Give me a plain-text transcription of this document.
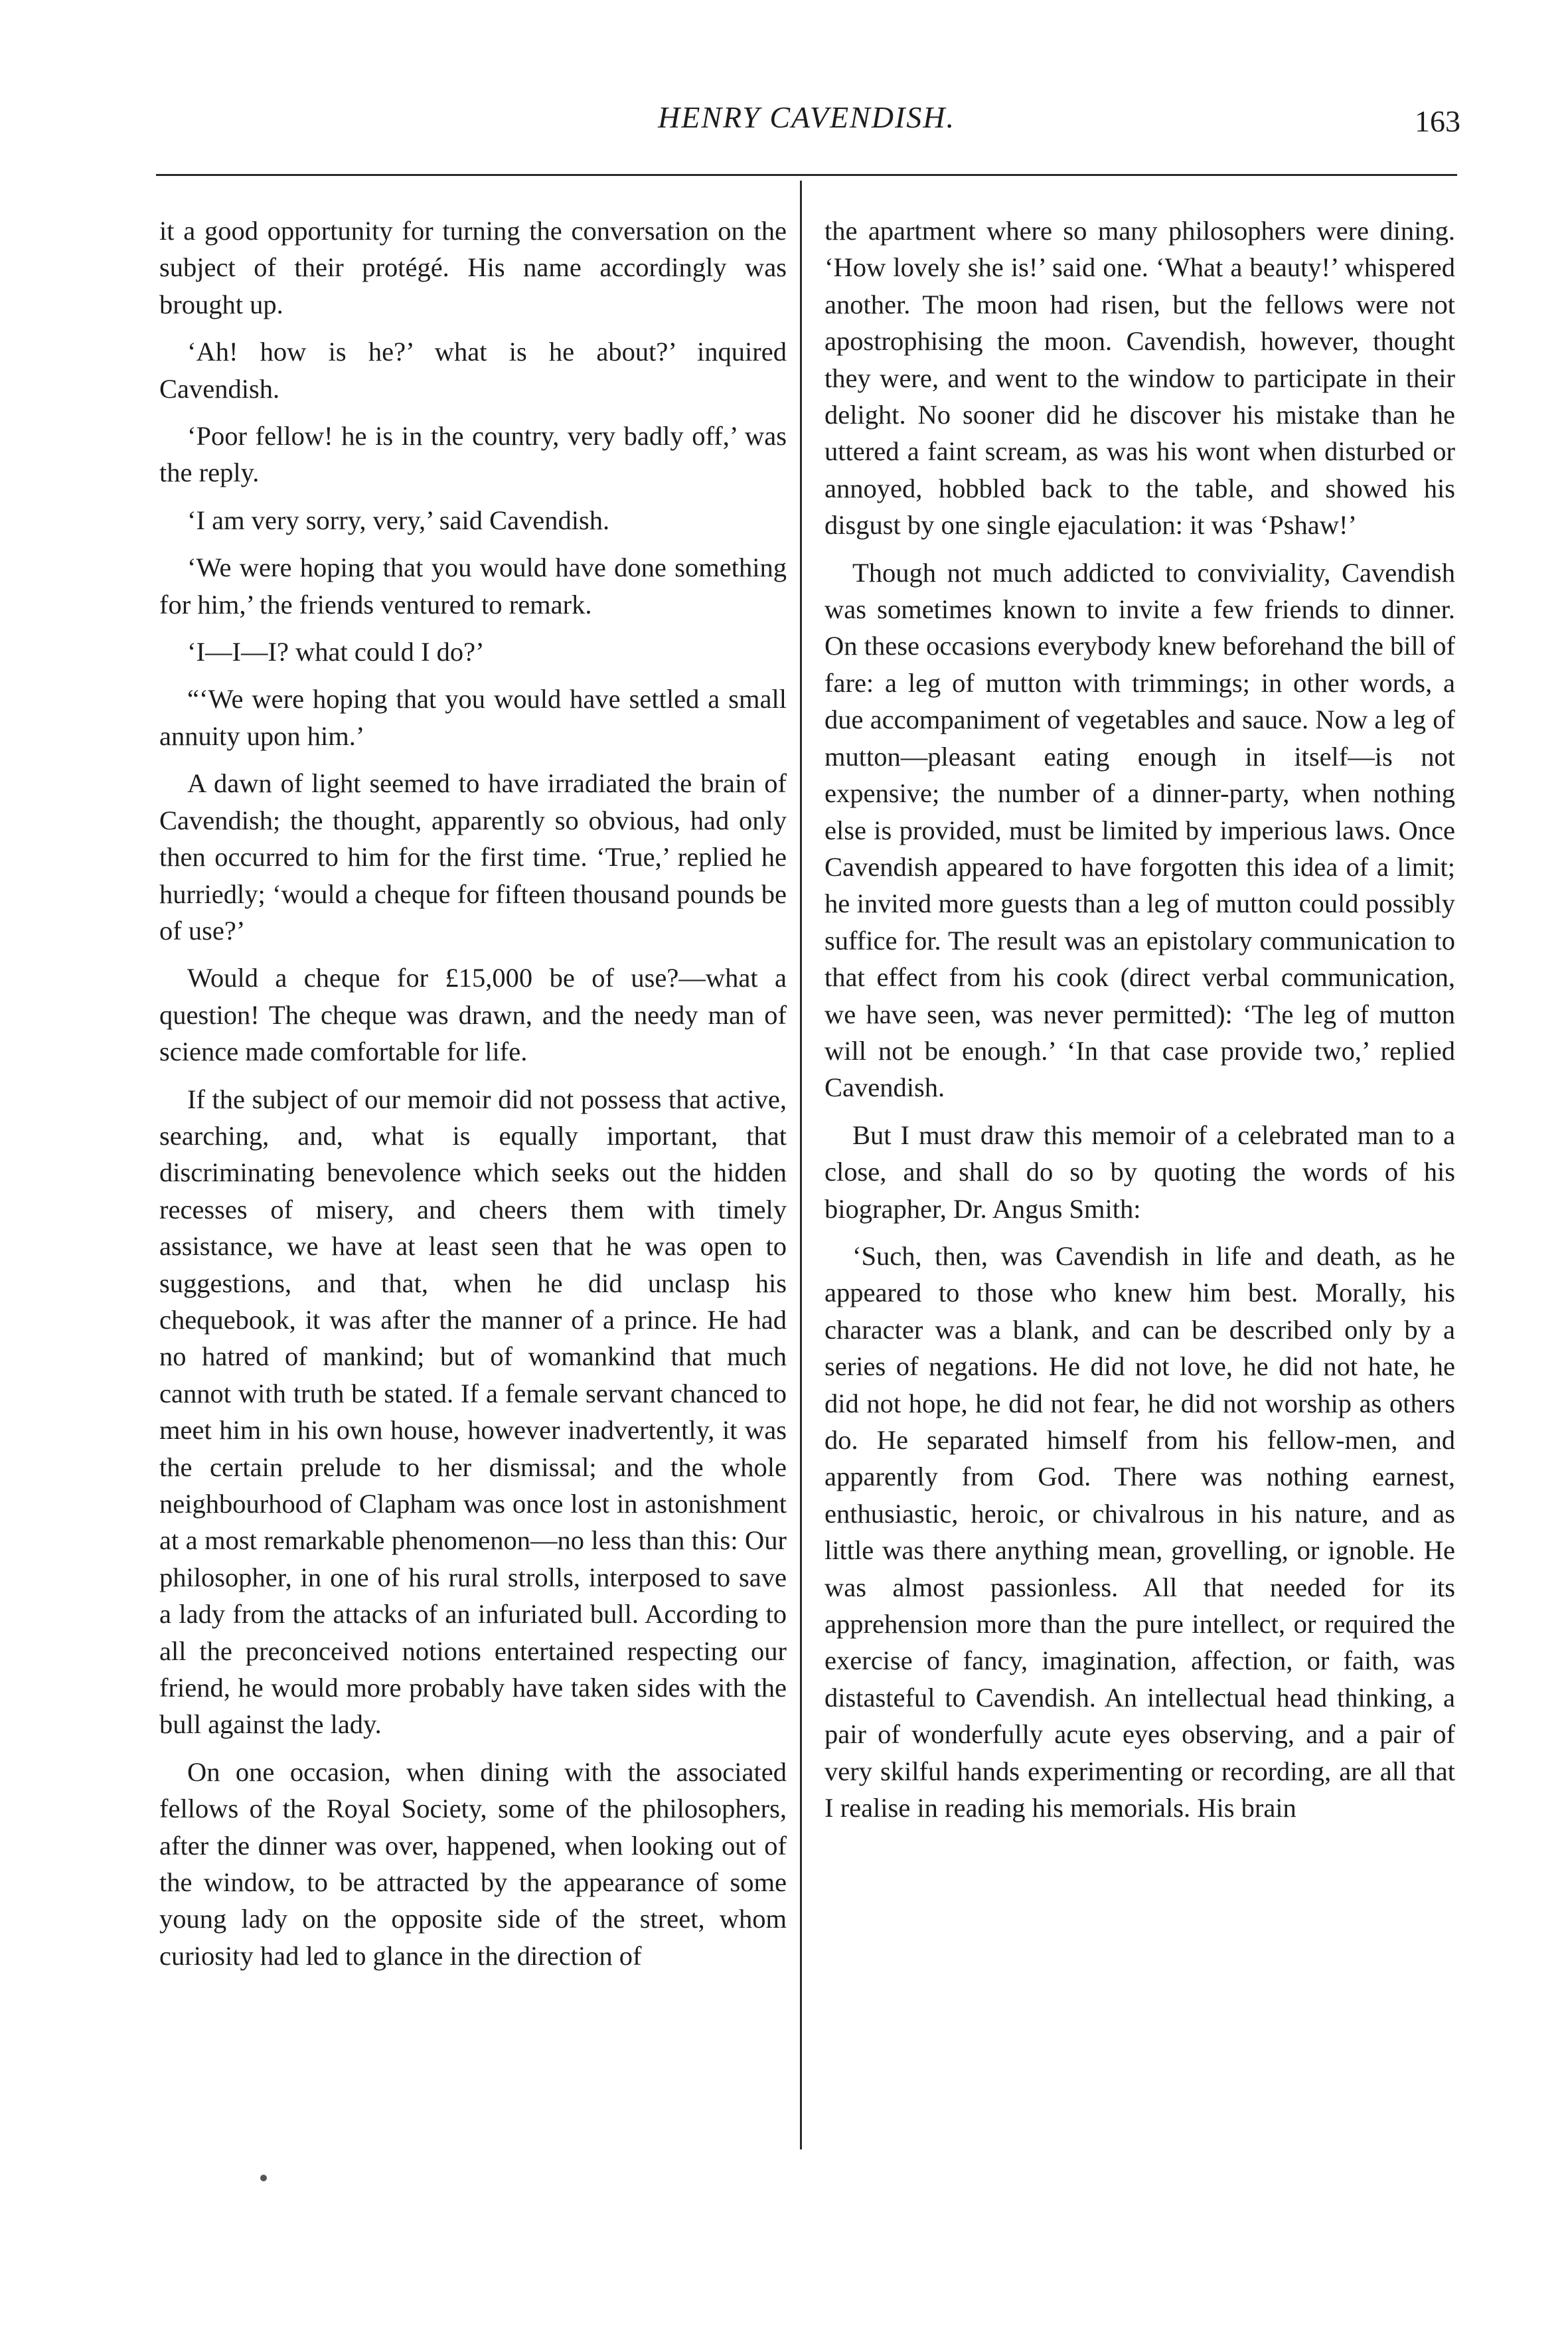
HENRY CAVENDISH.	163

it a good opportunity for turning the conversation on the subject of their protégé. His name accordingly was brought up.

‘Ah! how is he?’ what is he about?’ inquired Cavendish.

‘Poor fellow! he is in the country, very badly off,’ was the reply.

‘I am very sorry, very,’ said Cavendish.

‘We were hoping that you would have done something for him,’ the friends ventured to remark.

‘I—I—I? what could I do?’

“‘We were hoping that you would have settled a small annuity upon him.’

A dawn of light seemed to have irradiated the brain of Cavendish; the thought, apparently so obvious, had only then occurred to him for the first time. ‘True,’ replied he hurriedly; ‘would a cheque for fifteen thousand pounds be of use?’

Would a cheque for £15,000 be of use?—what a question! The cheque was drawn, and the needy man of science made comfortable for life.

If the subject of our memoir did not possess that active, searching, and, what is equally important, that discriminating benevolence which seeks out the hidden recesses of misery, and cheers them with timely assistance, we have at least seen that he was open to suggestions, and that, when he did unclasp his chequebook, it was after the manner of a prince. He had no hatred of mankind; but of womankind that much cannot with truth be stated. If a female servant chanced to meet him in his own house, however inadvertently, it was the certain prelude to her dismissal; and the whole neighbourhood of Clapham was once lost in astonishment at a most remarkable phenomenon—no less than this: Our philosopher, in one of his rural strolls, interposed to save a lady from the attacks of an infuriated bull. According to all the preconceived notions entertained respecting our friend, he would more probably have taken sides with the bull against the lady.

On one occasion, when dining with the associated fellows of the Royal Society, some of the philosophers, after the dinner was over, happened, when looking out of the window, to be attracted by the appearance of some young lady on the opposite side of the street, whom curiosity had led to glance in the direction of

the apartment where so many philosophers were dining. ‘How lovely she is!’ said one. ‘What a beauty!’ whispered another. The moon had risen, but the fellows were not apostrophising the moon. Cavendish, however, thought they were, and went to the window to participate in their delight. No sooner did he discover his mistake than he uttered a faint scream, as was his wont when disturbed or annoyed, hobbled back to the table, and showed his disgust by one single ejaculation: it was ‘Pshaw!’

Though not much addicted to conviviality, Cavendish was sometimes known to invite a few friends to dinner. On these occasions everybody knew beforehand the bill of fare: a leg of mutton with trimmings; in other words, a due accompaniment of vegetables and sauce. Now a leg of mutton—pleasant eating enough in itself—is not expensive; the number of a dinner-party, when nothing else is provided, must be limited by imperious laws. Once Cavendish appeared to have forgotten this idea of a limit; he invited more guests than a leg of mutton could possibly suffice for. The result was an epistolary communication to that effect from his cook (direct verbal communication, we have seen, was never permitted): ‘The leg of mutton will not be enough.’ ‘In that case provide two,’ replied Cavendish.

But I must draw this memoir of a celebrated man to a close, and shall do so by quoting the words of his biographer, Dr. Angus Smith:

‘Such, then, was Cavendish in life and death, as he appeared to those who knew him best. Morally, his character was a blank, and can be described only by a series of negations. He did not love, he did not hate, he did not hope, he did not fear, he did not worship as others do. He separated himself from his fellow-men, and apparently from God. There was nothing earnest, enthusiastic, heroic, or chivalrous in his nature, and as little was there anything mean, grovelling, or ignoble. He was almost passionless. All that needed for its apprehension more than the pure intellect, or required the exercise of fancy, imagination, affection, or faith, was distasteful to Cavendish. An intellectual head thinking, a pair of wonderfully acute eyes observing, and a pair of very skilful hands experimenting or recording, are all that I realise in reading his memorials. His brain
